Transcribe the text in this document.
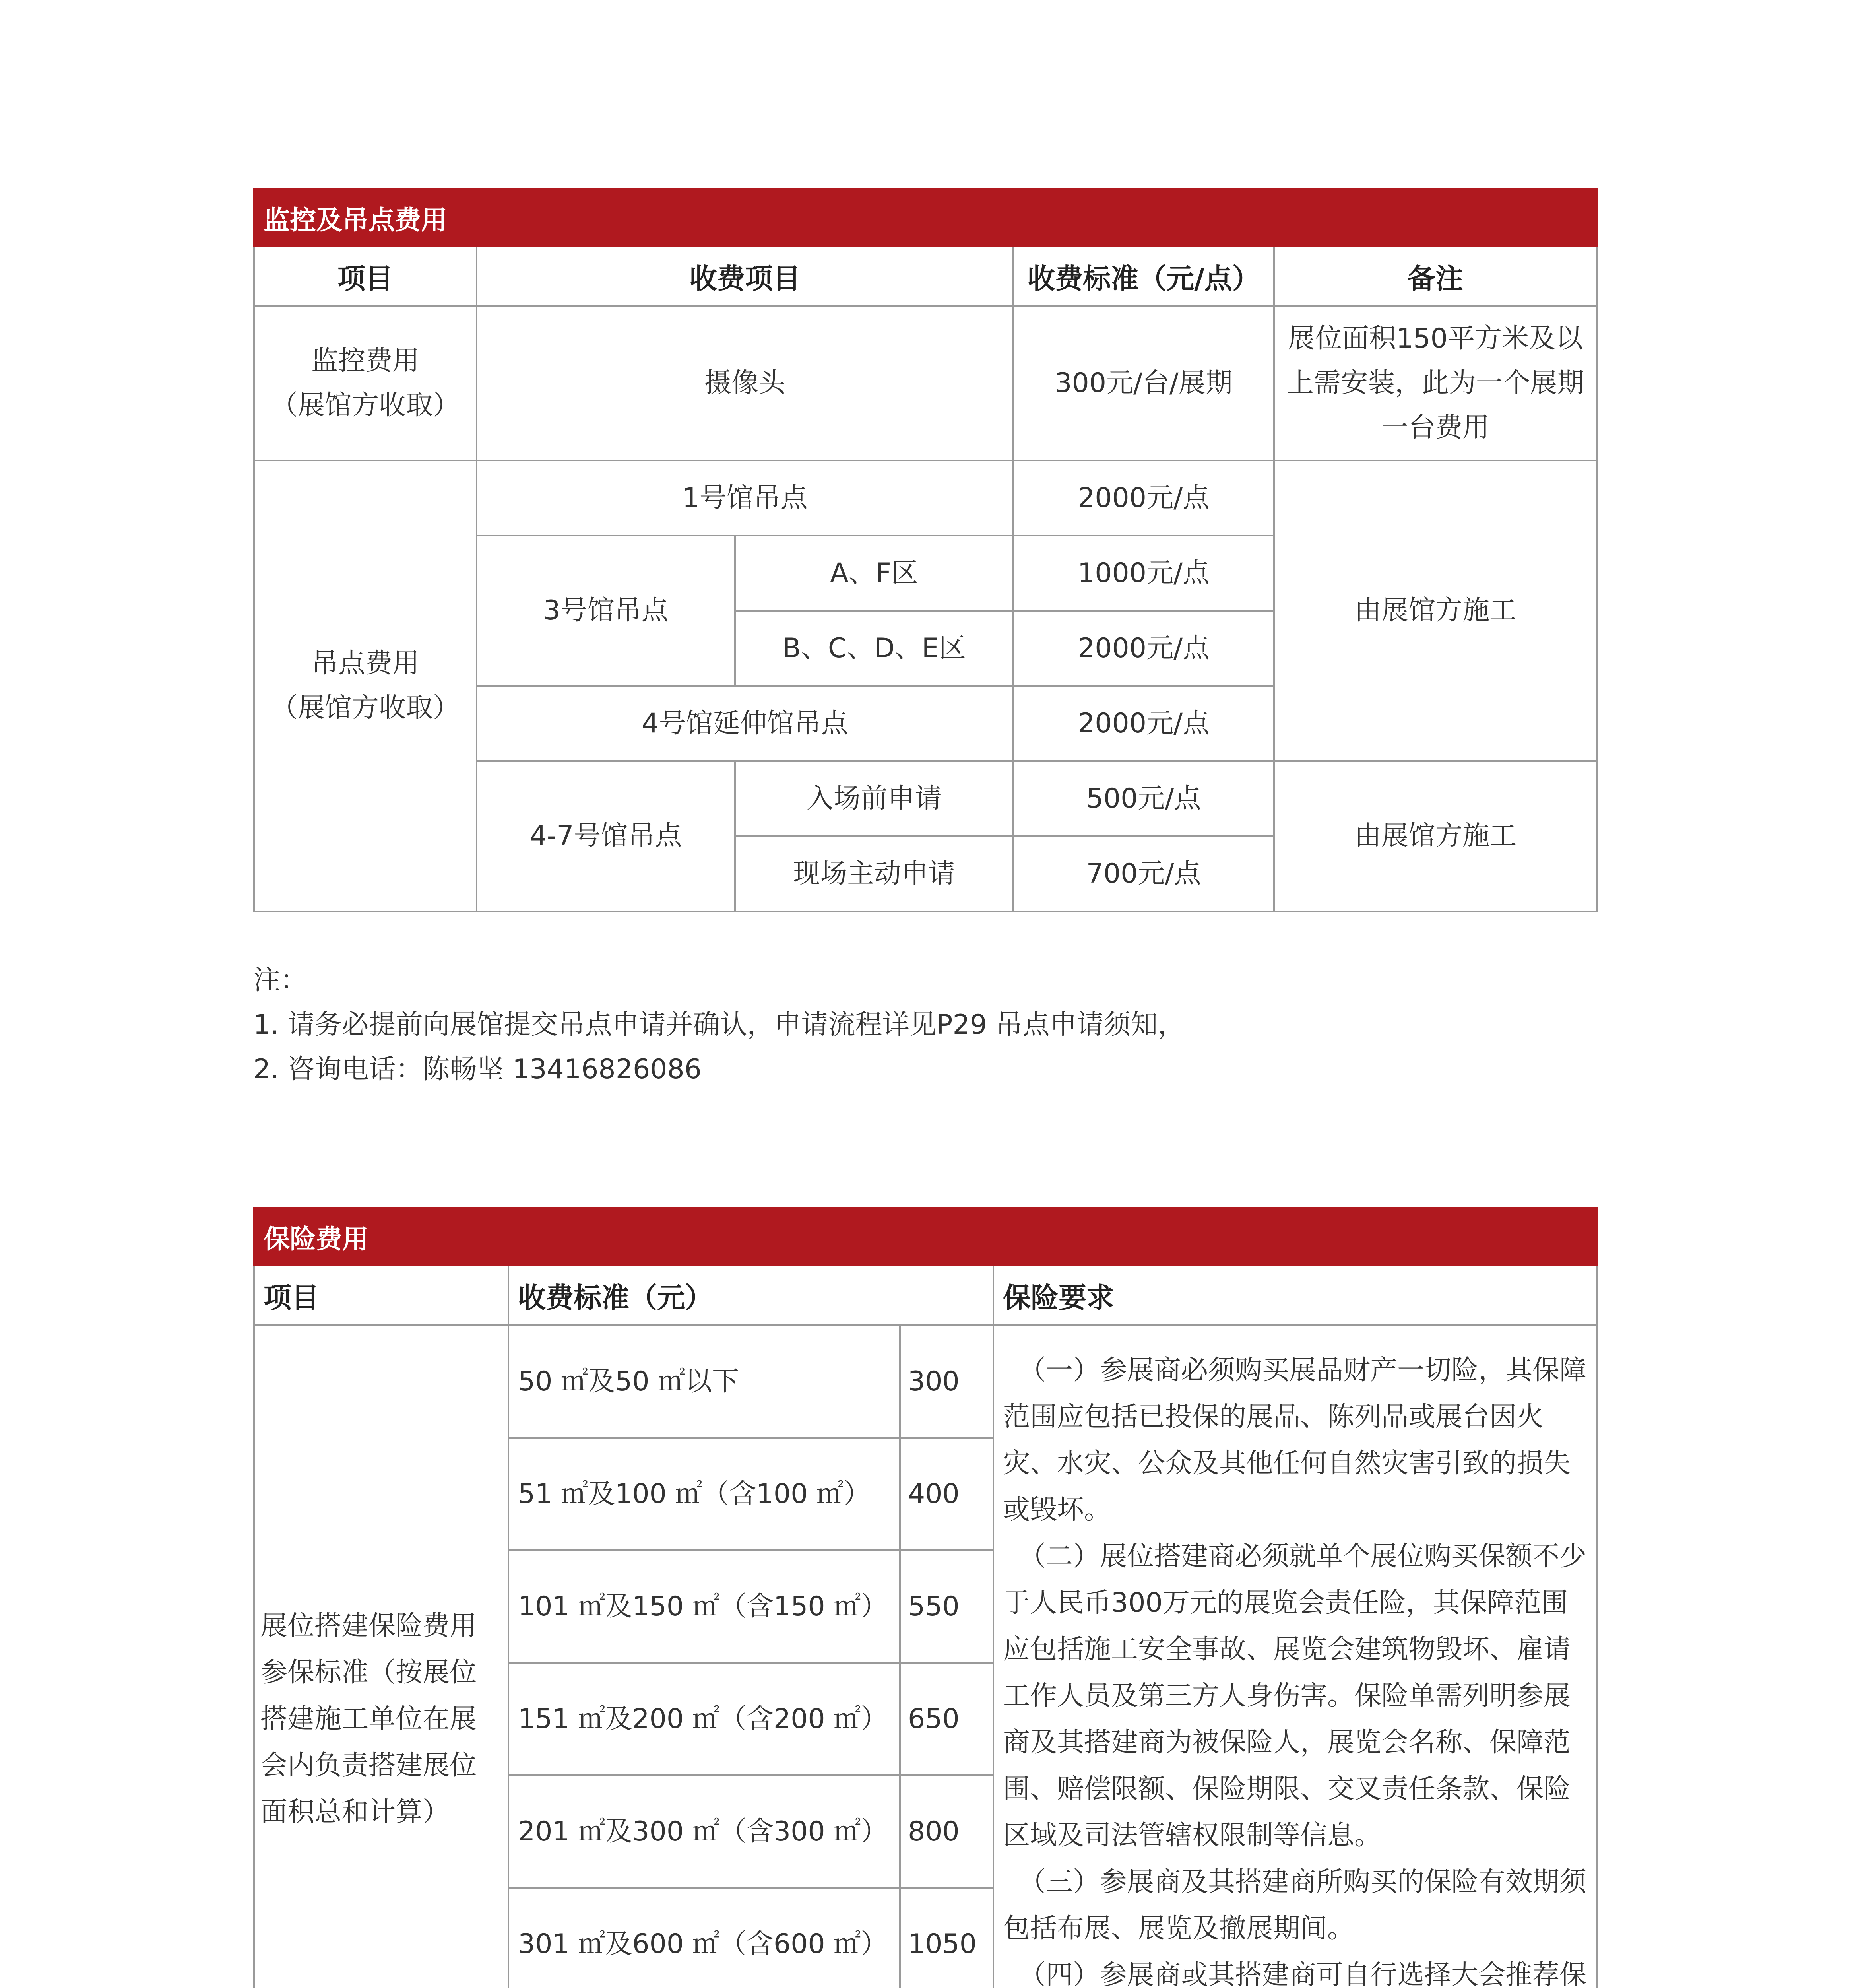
监控及吊点费用				
项目	收费项目		收费标准（元/点）	备注

监控费用
（展馆方收取）	摄像头		300元/台/展期	展位面积150平方米及以上需安装，此为一个展期一台费用

吊点费用
（展馆方收取）	1号馆吊点		2000元/点	由展馆方施工
	3号馆吊点	A、F区	1000元/点	
		B、C、D、E区	2000元/点	
	4号馆延伸馆吊点		2000元/点	
	4-7号馆吊点	入场前申请	500元/点	由展馆方施工
		现场主动申请	700元/点	
注：
1. 请务必提前向展馆提交吊点申请并确认，申请流程详见P29 吊点申请须知，
2. 咨询电话：陈畅坚 13416826086
保险费用			
项目	收费标准（元）		保险要求
展位搭建保险费用参保标准（按展位搭建施工单位在展会内负责搭建展位面积总和计算）	50 ㎡及50 ㎡以下	300	（一）参展商必须购买展品财产一切险，其保障范围应包括已投保的展品、陈列品或展台因火灾、水灾、公众及其他任何自然灾害引致的损失或毁坏。

（二）展位搭建商必须就单个展位购买保额不少于人民币300万元的展览会责任险，其保障范围应包括施工安全事故、展览会建筑物毁坏、雇请工作人员及第三方人身伤害。保险单需列明参展商及其搭建商为被保险人，展览会名称、保障范围、赔偿限额、保险期限、交叉责任条款、保险区域及司法管辖权限制等信息。

（三）参展商及其搭建商所购买的保险有效期须包括布展、展览及撤展期间。

（四）参展商或其搭建商可自行选择大会推荐保

	51 ㎡及100 ㎡（含100 ㎡）	400	
	101 ㎡及150 ㎡（含150 ㎡）	550	
	151 ㎡及200 ㎡（含200 ㎡）	650	
	201 ㎡及300 ㎡（含300 ㎡）	800	
	301 ㎡及600 ㎡（含600 ㎡）	1050	
